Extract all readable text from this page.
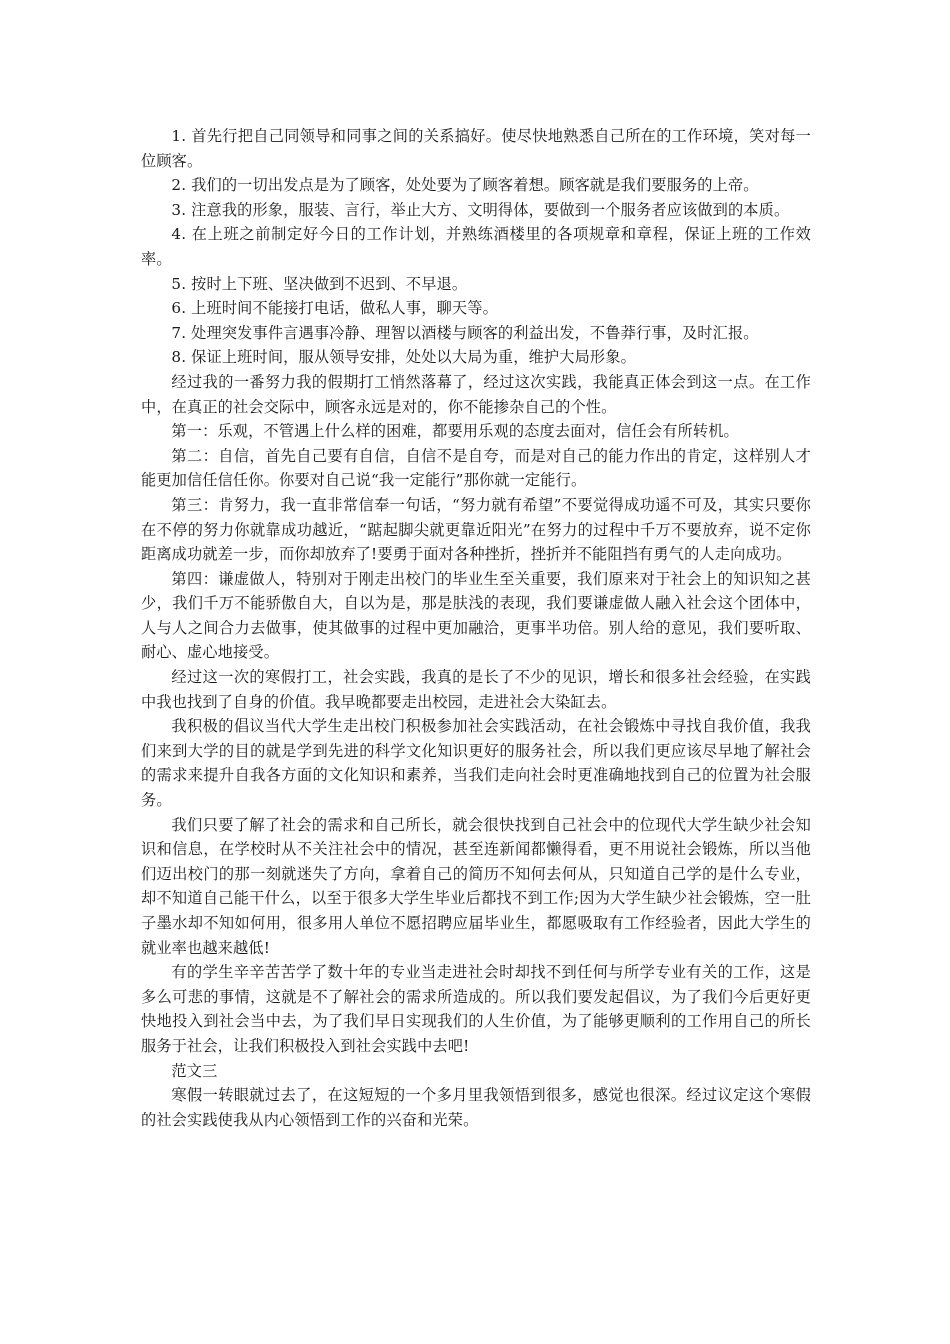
1. 首先行把自己同领导和同事之间的关系搞好。使尽快地熟悉自己所在的工作环境，笑对每一位顾客。

2. 我们的一切出发点是为了顾客，处处要为了顾客着想。顾客就是我们要服务的上帝。

3. 注意我的形象，服装、言行，举止大方、文明得体，要做到一个服务者应该做到的本质。

4. 在上班之前制定好今日的工作计划，并熟练酒楼里的各项规章和章程，保证上班的工作效率。

5. 按时上下班、坚决做到不迟到、不早退。

6. 上班时间不能接打电话，做私人事，聊天等。

7. 处理突发事件言遇事冷静、理智以酒楼与顾客的利益出发，不鲁莽行事，及时汇报。

8. 保证上班时间，服从领导安排，处处以大局为重，维护大局形象。

经过我的一番努力我的假期打工悄然落幕了，经过这次实践，我能真正体会到这一点。在工作中，在真正的社会交际中，顾客永远是对的，你不能掺杂自己的个性。

第一：乐观，不管遇上什么样的困难，都要用乐观的态度去面对，信任会有所转机。

第二：自信，首先自己要有自信，自信不是自夸，而是对自己的能力作出的肯定，这样别人才能更加信任信任你。你要对自己说“我一定能行”那你就一定能行。

第三：肯努力，我一直非常信奉一句话，“努力就有希望”不要觉得成功遥不可及，其实只要你在不停的努力你就靠成功越近，“踮起脚尖就更靠近阳光”在努力的过程中千万不要放弃，说不定你距离成功就差一步，而你却放弃了!要勇于面对各种挫折，挫折并不能阻挡有勇气的人走向成功。

第四：谦虚做人，特别对于刚走出校门的毕业生至关重要，我们原来对于社会上的知识知之甚少，我们千万不能骄傲自大，自以为是，那是肤浅的表现，我们要谦虚做人融入社会这个团体中，人与人之间合力去做事，使其做事的过程中更加融洽，更事半功倍。别人给的意见，我们要听取、耐心、虚心地接受。

经过这一次的寒假打工，社会实践，我真的是长了不少的见识，增长和很多社会经验，在实践中我也找到了自身的价值。我早晚都要走出校园，走进社会大染缸去。

我积极的倡议当代大学生走出校门积极参加社会实践活动，在社会锻炼中寻找自我价值，我我们来到大学的目的就是学到先进的科学文化知识更好的服务社会，所以我们更应该尽早地了解社会的需求来提升自我各方面的文化知识和素养，当我们走向社会时更准确地找到自己的位置为社会服务。

我们只要了解了社会的需求和自己所长，就会很快找到自己社会中的位现代大学生缺少社会知识和信息，在学校时从不关注社会中的情况，甚至连新闻都懒得看，更不用说社会锻炼，所以当他们迈出校门的那一刻就迷失了方向，拿着自己的简历不知何去何从，只知道自己学的是什么专业，却不知道自己能干什么，以至于很多大学生毕业后都找不到工作;因为大学生缺少社会锻炼，空一肚子墨水却不知如何用，很多用人单位不愿招聘应届毕业生，都愿吸取有工作经验者，因此大学生的就业率也越来越低!

有的学生辛辛苦苦学了数十年的专业当走进社会时却找不到任何与所学专业有关的工作，这是多么可悲的事情，这就是不了解社会的需求所造成的。所以我们要发起倡议，为了我们今后更好更快地投入到社会当中去，为了我们早日实现我们的人生价值，为了能够更顺利的工作用自己的所长服务于社会，让我们积极投入到社会实践中去吧!

范文三

寒假一转眼就过去了，在这短短的一个多月里我领悟到很多，感觉也很深。经过议定这个寒假的社会实践使我从内心领悟到工作的兴奋和光荣。
